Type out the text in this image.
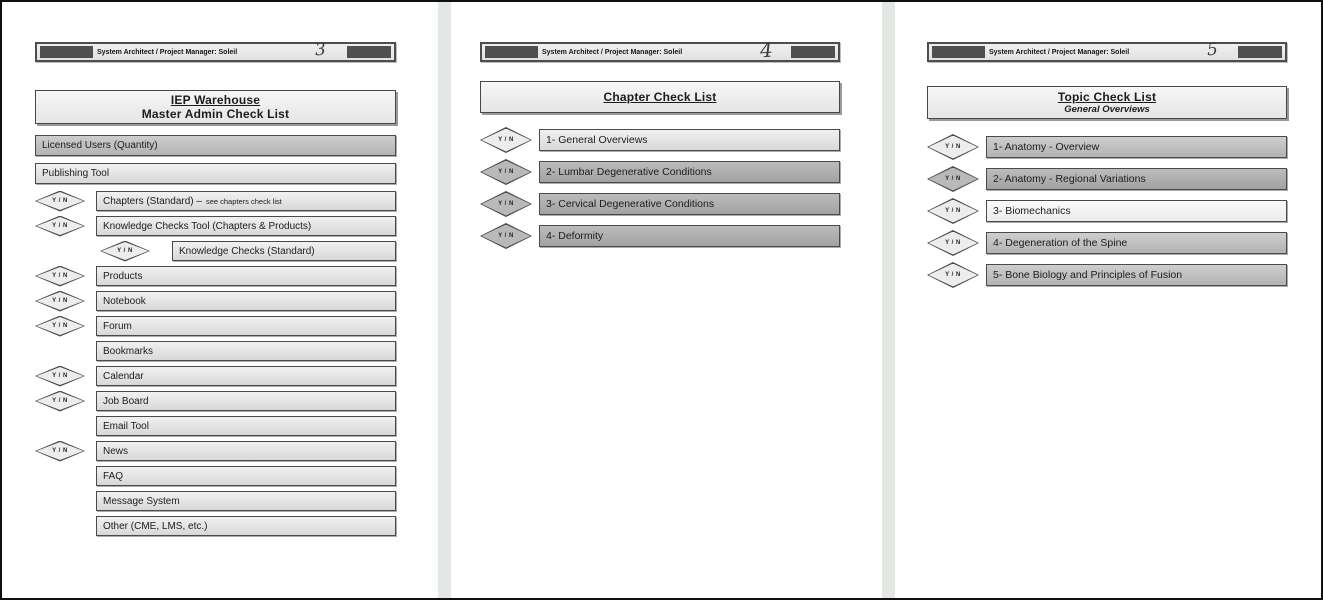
System Architect / Project Manager: Soleil	3
IEP Warehouse
Master Admin Check List
Licensed Users (Quantity)
Publishing Tool
Y / N	Chapters (Standard) – see chapters check list
Y / N	Knowledge Checks Tool (Chapters & Products)
Y / N	Knowledge Checks (Standard)
Y / N	Products
Y / N	Notebook
Y / N	Forum
Bookmarks
Y / N	Calendar
Y / N	Job Board
Email Tool
Y / N	News
FAQ
Message System
Other (CME, LMS, etc.)
System Architect / Project Manager: Soleil	4
Chapter Check List
Y / N	1- General Overviews
Y / N	2- Lumbar Degenerative Conditions
Y / N	3- Cervical Degenerative Conditions
Y / N	4- Deformity
System Architect / Project Manager: Soleil	5
Topic Check List
General Overviews
Y / N	1- Anatomy - Overview
Y / N	2- Anatomy - Regional Variations
Y / N	3- Biomechanics
Y / N	4- Degeneration of the Spine
Y / N	5- Bone Biology and Principles of Fusion
